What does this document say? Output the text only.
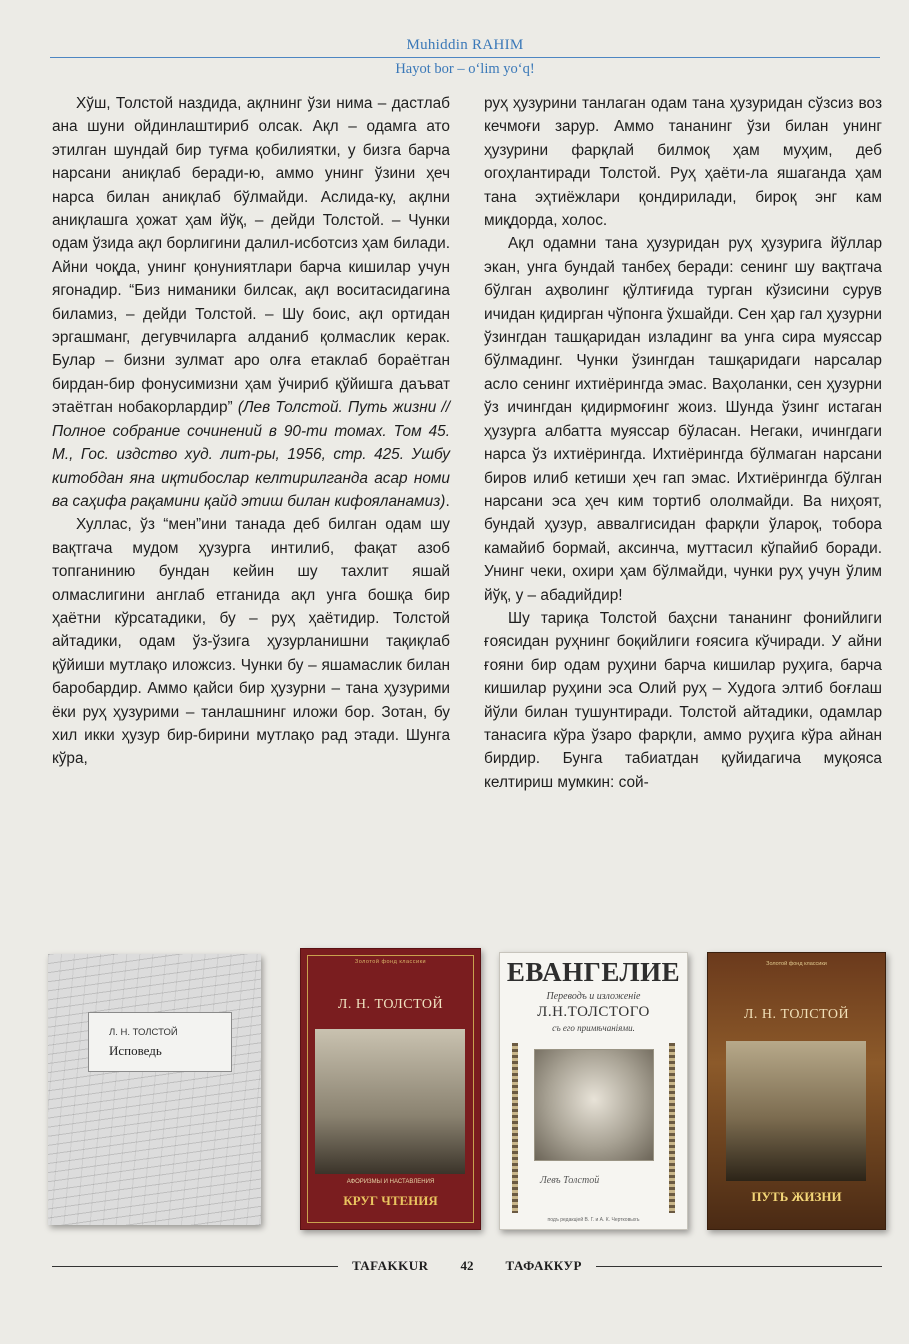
Muhiddin RAHIM
Hayot bor – o‘lim yo‘q!

Хўш, Толстой наздида, ақлнинг ўзи нима – дастлаб ана шуни ойдинлаштириб олсак. Ақл – одамга ато этилган шундай бир туғма қобилиятки, у бизга барча нарсани аниқлаб беради-ю, аммо унинг ўзини ҳеч нарса билан аниқлаб бўлмайди. Аслида-ку, ақлни аниқлашга ҳожат ҳам йўқ, – дейди Толстой. – Чунки одам ўзида ақл борлигини далил-исботсиз ҳам билади. Айни чоқда, унинг қонуниятлари барча кишилар учун ягонадир. “Биз ниманики билсак, ақл воситасидагина биламиз, – дейди Толстой. – Шу боис, ақл ортидан эргашманг, дегувчиларга алданиб қолмаслик керак. Булар – бизни зулмат аро олға етаклаб бораётган бирдан-бир фонусимизни ҳам ўчириб қўйишга даъват этаётган нобакорлардир” (Лев Толстой. Путь жизни // Полное собрание сочинений в 90-ти томах. Том 45. М., Гос. издство худ. лит-ры, 1956, стр. 425. Ушбу китобдан яна иқтибослар келтирилганда асар номи ва саҳифа рақамини қайд этиш билан кифояланамиз).

Хуллас, ўз “мен”ини танада деб билган одам шу вақтгача мудом ҳузурга интилиб, фақат азоб топганинию бундан кейин шу тахлит яшай олмаслигини англаб етганида ақл унга бошқа бир ҳаётни кўрсатадики, бу – руҳ ҳаётидир. Толстой айтадики, одам ўз-ўзига ҳузурланишни тақиқлаб қўйиши мутлақо иложсиз. Чунки бу – яшамаслик билан баробардир. Аммо қайси бир ҳузурни – тана ҳузурими ёки руҳ ҳузурими – танлашнинг иложи бор. Зотан, бу хил икки ҳузур бир-бирини мутлақо рад этади. Шунга кўра,

руҳ ҳузурини танлаган одам тана ҳузуридан сўзсиз воз кечмоғи зарур. Аммо тананинг ўзи билан унинг ҳузурини фарқлай билмоқ ҳам муҳим, деб огоҳлантиради Толстой. Руҳ ҳаёти-ла яшаганда ҳам тана эҳтиёжлари қондирилади, бироқ энг кам миқдорда, холос.

Ақл одамни тана ҳузуридан руҳ ҳузурига йўллар экан, унга бундай танбеҳ беради: сенинг шу вақтгача бўлган аҳволинг қўлтиғида турган кўзисини сурув ичидан қидирган чўпонга ўхшайди. Сен ҳар гал ҳузурни ўзингдан ташқаридан изладинг ва унга сира муяссар бўлмадинг. Чунки ўзингдан ташқаридаги нарсалар асло сенинг ихтиёрингда эмас. Ваҳоланки, сен ҳузурни ўз ичингдан қидирмоғинг жоиз. Шунда ўзинг истаган ҳузурга албатта муяссар бўласан. Негаки, ичингдаги нарса ўз ихтиёрингда. Ихтиёрингда бўлмаган нарсани биров илиб кетиши ҳеч гап эмас. Ихтиёрингда бўлган нарсани эса ҳеч ким тортиб ололмайди. Ва ниҳоят, бундай ҳузур, аввалгисидан фарқли ўлароқ, тобора камайиб бормай, аксинча, муттасил кўпайиб боради. Унинг чеки, охири ҳам бўлмайди, чунки руҳ учун ўлим йўқ, у – абадийдир!

Шу тариқа Толстой баҳсни тананинг фонийлиги ғоясидан руҳнинг боқийлиги ғоясига кўчиради. У айни ғояни бир одам руҳини барча кишилар руҳига, барча кишилар руҳини эса Олий руҳ – Худога элтиб боғлаш йўли билан тушунтиради. Толстой айтадики, одамлар танасига кўра ўзаро фарқли, аммо руҳига кўра айнан бирдир. Бунга табиатдан қуйидагича муқояса келтириш мумкин: сой-

Л. Н. ТОЛСТОЙ
Исповедь
Золотой фонд классики
Л. Н. ТОЛСТОЙ
АФОРИЗМЫ И НАСТАВЛЕНИЯ
КРУГ ЧТЕНИЯ
ЕВАНГЕЛИЕ
Переводъ и изложеніе
Л.Н.ТОЛСТОГО
съ его примѣчаніями.
Левъ Толстой
подъ редакціей В. Г. и А. К. Чертковыхъ
Золотой фонд классики
Л. Н. ТОЛСТОЙ
ПУТЬ ЖИЗНИ
TAFAKKUR	42	ТАФАККУР
